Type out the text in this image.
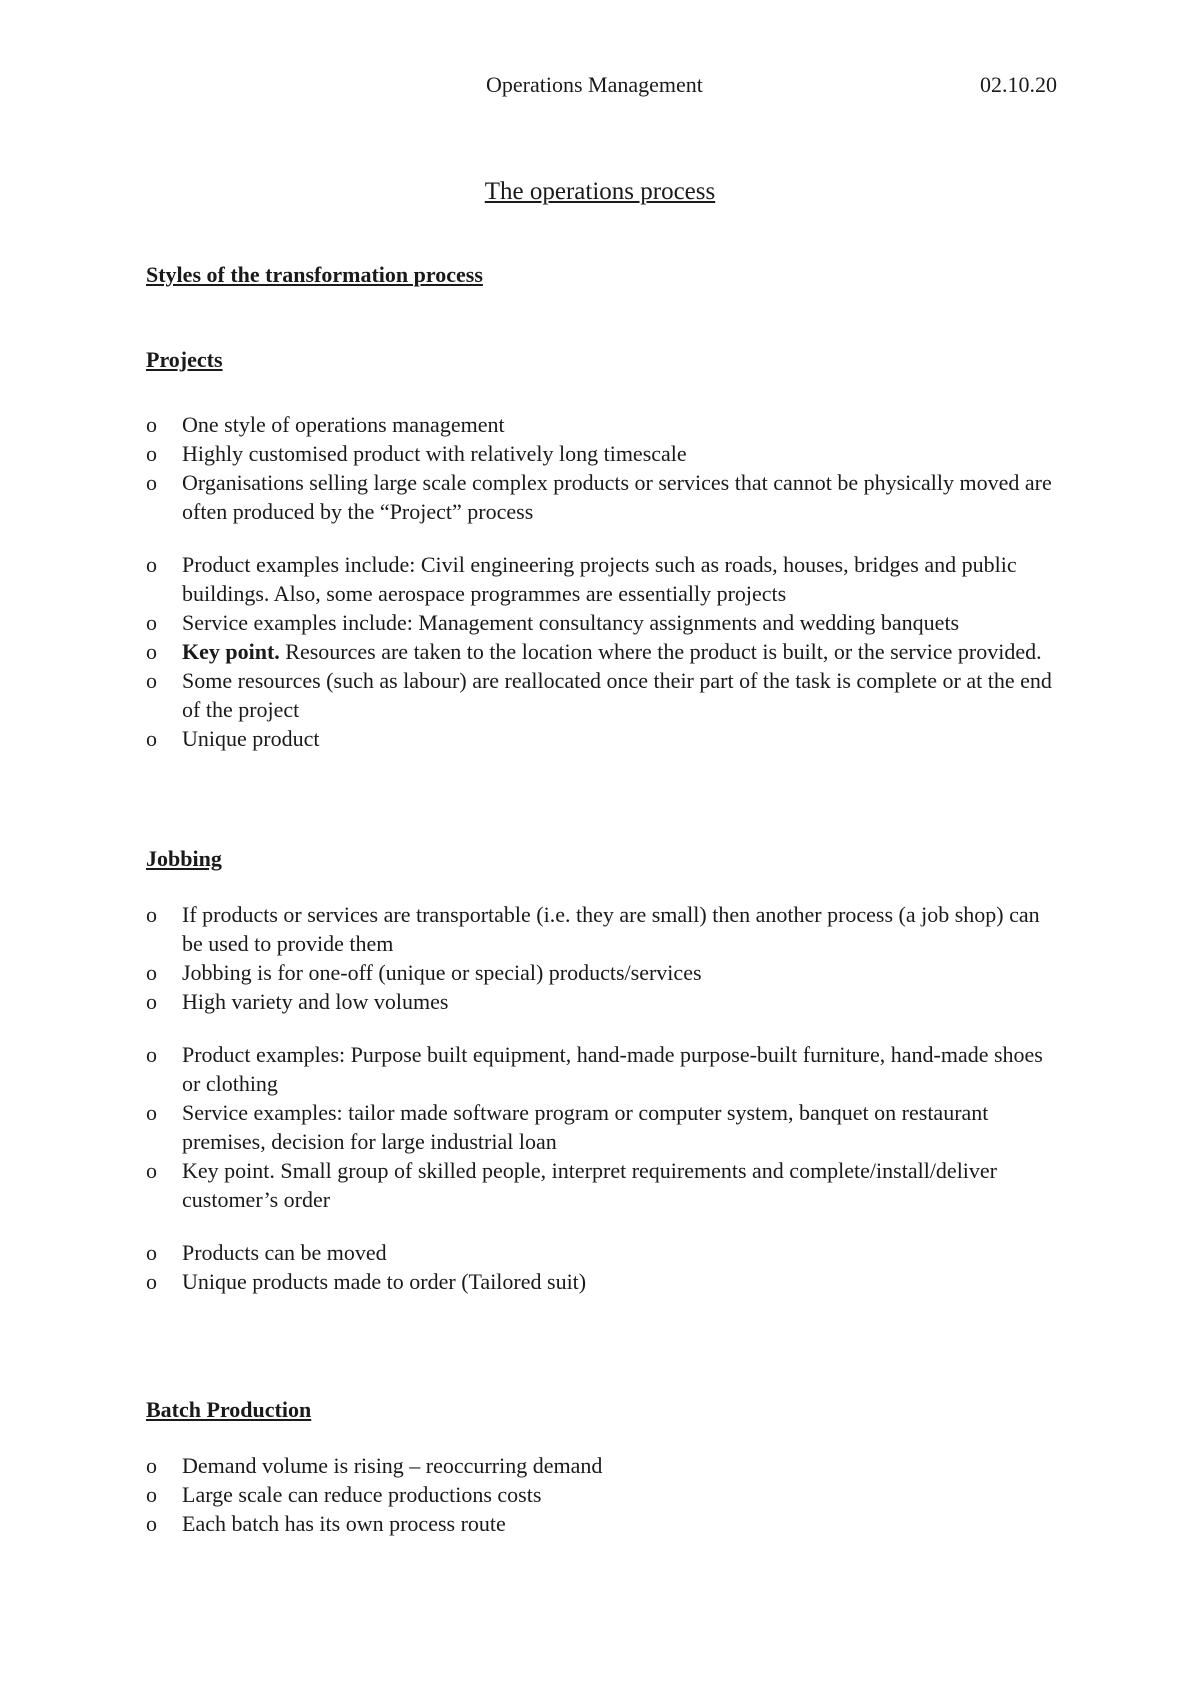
Operations Management	02.10.20
The operations process
Styles of the transformation process
Projects
o One style of operations management
o Highly customised product with relatively long timescale
o Organisations selling large scale complex products or services that cannot be physically moved are often produced by the “Project” process
o Product examples include: Civil engineering projects such as roads, houses, bridges and public buildings. Also, some aerospace programmes are essentially projects
o Service examples include: Management consultancy assignments and wedding banquets
o Key point. Resources are taken to the location where the product is built, or the service provided.
o Some resources (such as labour) are reallocated once their part of the task is complete or at the end of the project
o Unique product
Jobbing
o If products or services are transportable (i.e. they are small) then another process (a job shop) can be used to provide them
o Jobbing is for one-off (unique or special) products/services
o High variety and low volumes
o Product examples: Purpose built equipment, hand-made purpose-built furniture, hand-made shoes or clothing
o Service examples: tailor made software program or computer system, banquet on restaurant premises, decision for large industrial loan
o Key point. Small group of skilled people, interpret requirements and complete/install/deliver customer’s order
o Products can be moved
o Unique products made to order (Tailored suit)
Batch Production
o Demand volume is rising – reoccurring demand
o Large scale can reduce productions costs
o Each batch has its own process route
